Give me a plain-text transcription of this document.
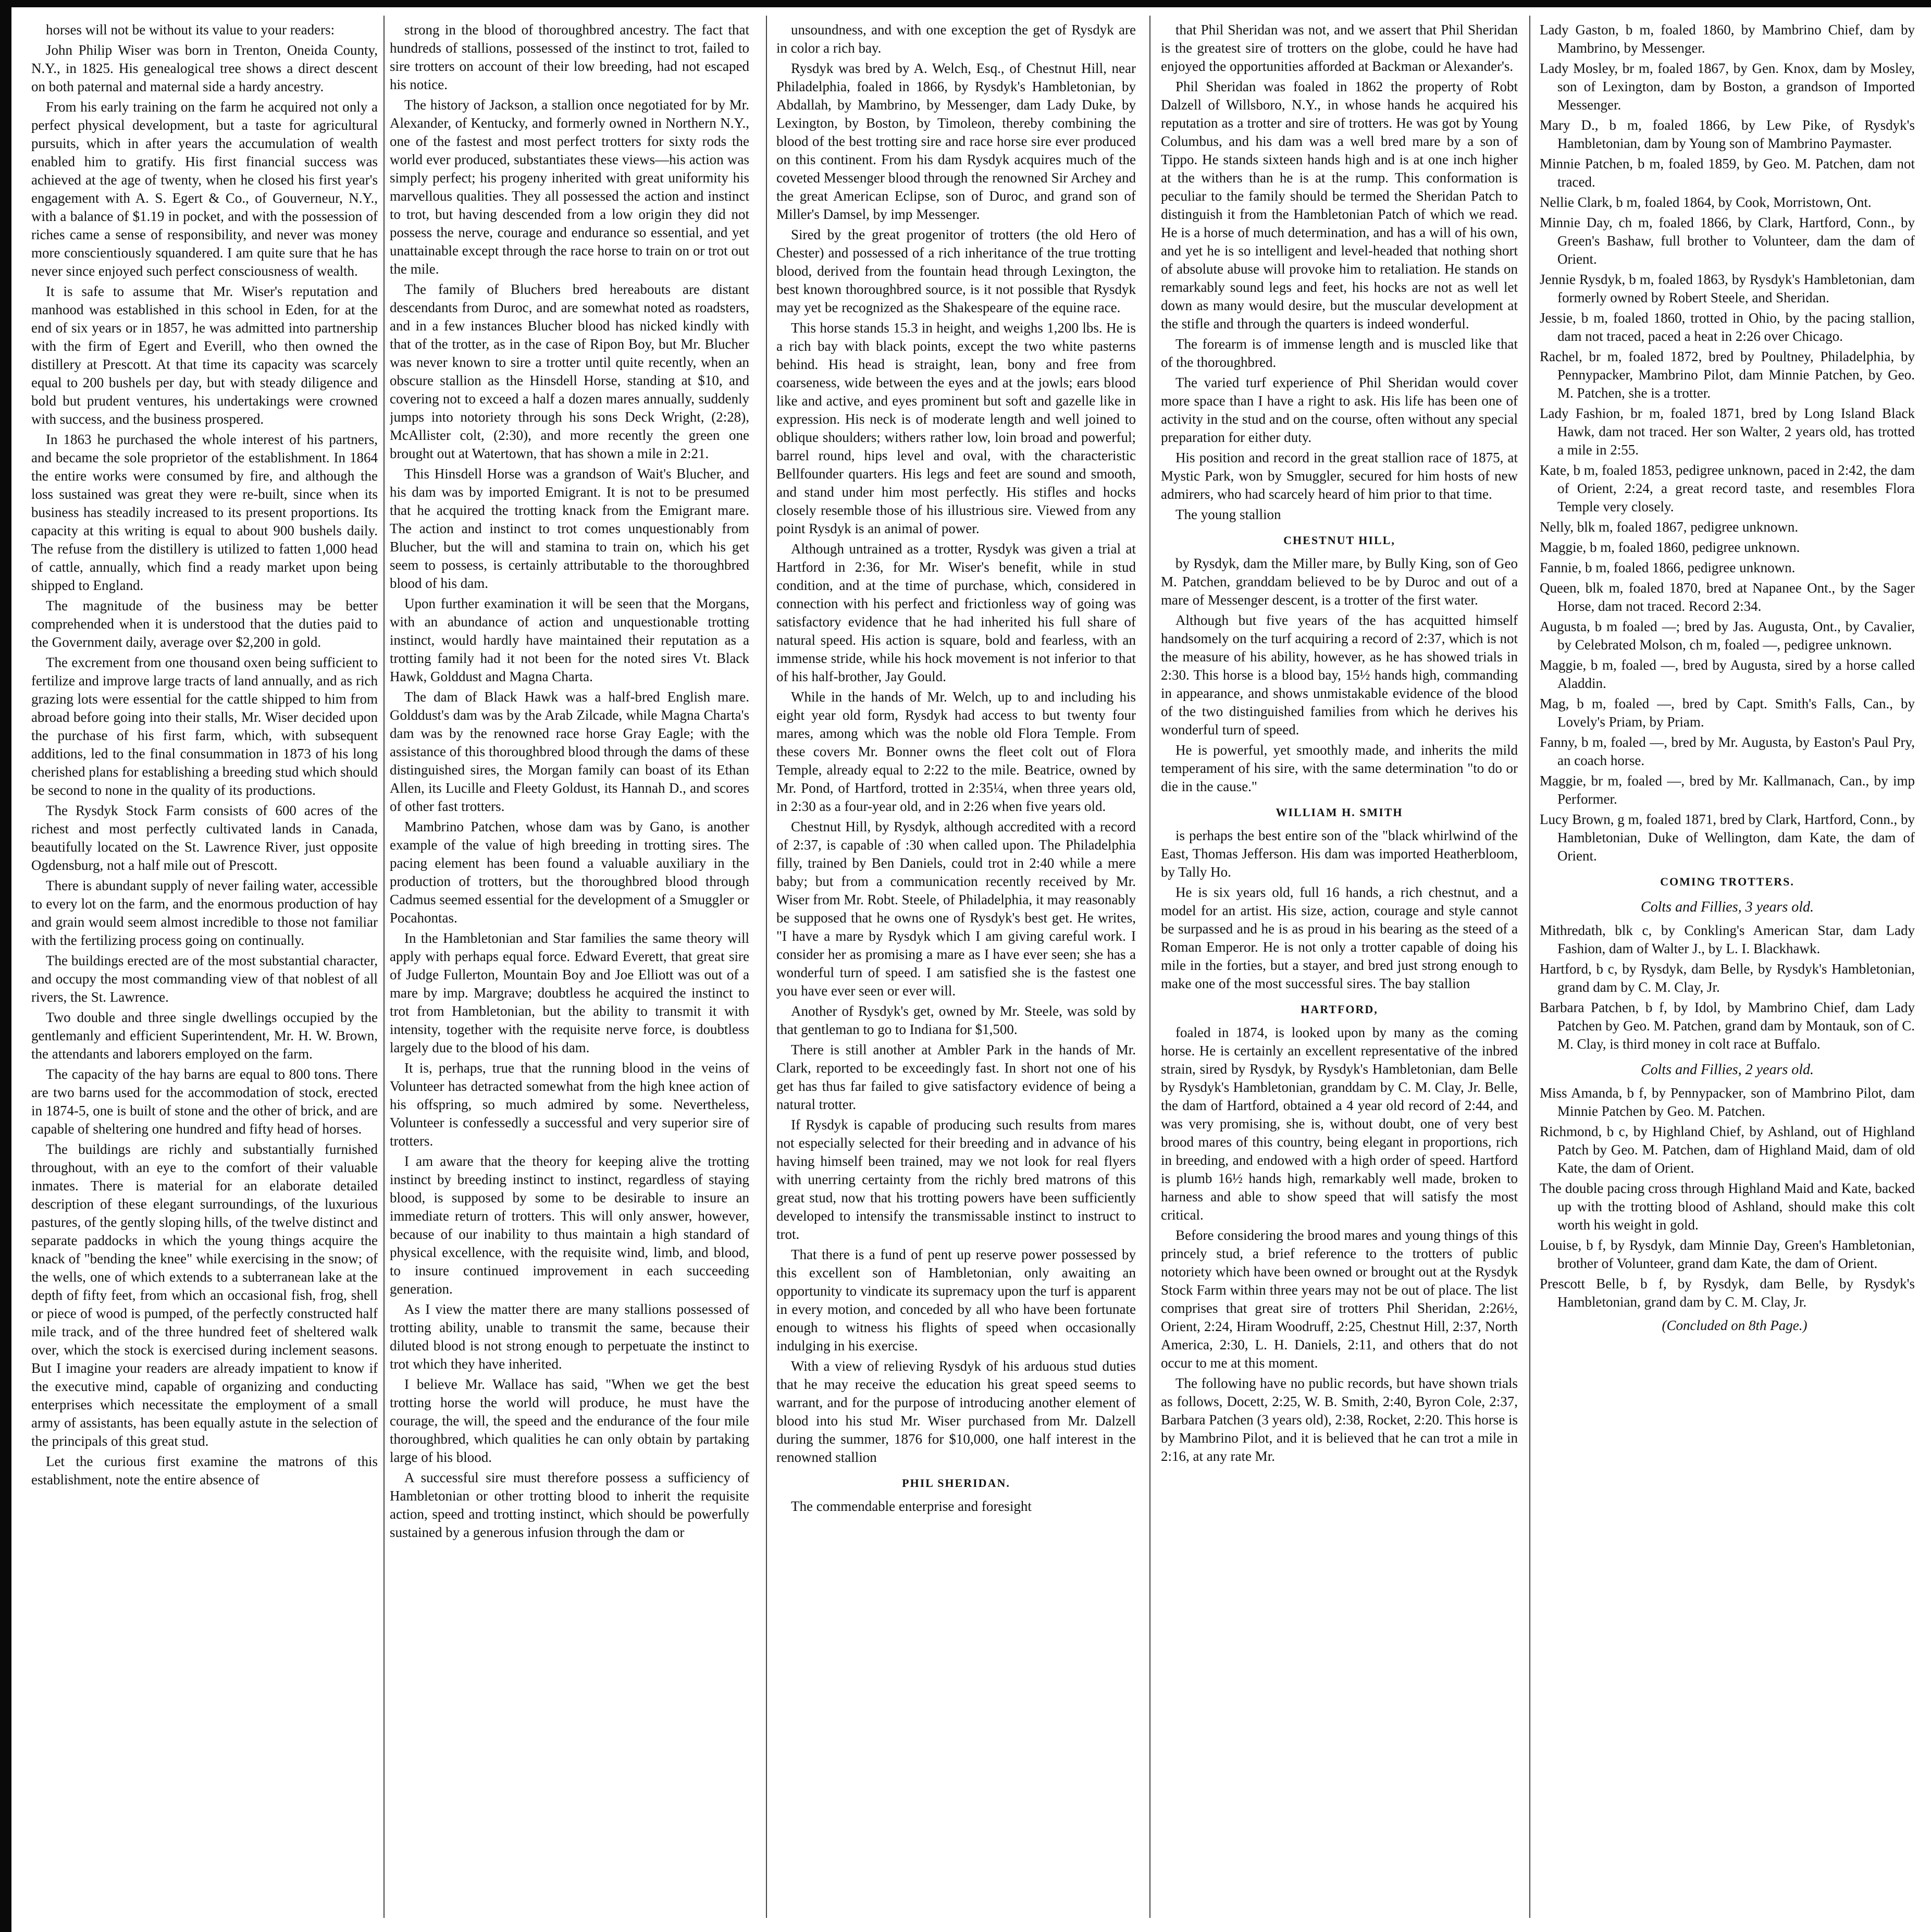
horses will not be without its value to your readers:

John Philip Wiser was born in Trenton, Oneida County, N.Y., in 1825. His genealogical tree shows a direct descent on both paternal and maternal side a hardy ancestry.

From his early training on the farm he acquired not only a perfect physical development, but a taste for agricultural pursuits, which in after years the accumulation of wealth enabled him to gratify. His first financial success was achieved at the age of twenty, when he closed his first year's engagement with A. S. Egert & Co., of Gouverneur, N.Y., with a balance of $1.19 in pocket, and with the possession of riches came a sense of responsibility, and never was money more conscientiously squandered. I am quite sure that he has never since enjoyed such perfect consciousness of wealth.

It is safe to assume that Mr. Wiser's reputation and manhood was established in this school in Eden, for at the end of six years or in 1857, he was admitted into partnership with the firm of Egert and Everill, who then owned the distillery at Prescott. At that time its capacity was scarcely equal to 200 bushels per day, but with steady diligence and bold but prudent ventures, his undertakings were crowned with success, and the business prospered.

In 1863 he purchased the whole interest of his partners, and became the sole proprietor of the establishment. In 1864 the entire works were consumed by fire, and although the loss sustained was great they were re-built, since when its business has steadily increased to its present proportions. Its capacity at this writing is equal to about 900 bushels daily. The refuse from the distillery is utilized to fatten 1,000 head of cattle, annually, which find a ready market upon being shipped to England.

The magnitude of the business may be better comprehended when it is understood that the duties paid to the Government daily, average over $2,200 in gold.

The excrement from one thousand oxen being sufficient to fertilize and improve large tracts of land annually, and as rich grazing lots were essential for the cattle shipped to him from abroad before going into their stalls, Mr. Wiser decided upon the purchase of his first farm, which, with subsequent additions, led to the final consummation in 1873 of his long cherished plans for establishing a breeding stud which should be second to none in the quality of its productions.

The Rysdyk Stock Farm consists of 600 acres of the richest and most perfectly cultivated lands in Canada, beautifully located on the St. Lawrence River, just opposite Ogdensburg, not a half mile out of Prescott.

There is abundant supply of never failing water, accessible to every lot on the farm, and the enormous production of hay and grain would seem almost incredible to those not familiar with the fertilizing process going on continually.

The buildings erected are of the most substantial character, and occupy the most commanding view of that noblest of all rivers, the St. Lawrence.

Two double and three single dwellings occupied by the gentlemanly and efficient Superintendent, Mr. H. W. Brown, the attendants and laborers employed on the farm.

The capacity of the hay barns are equal to 800 tons. There are two barns used for the accommodation of stock, erected in 1874-5, one is built of stone and the other of brick, and are capable of sheltering one hundred and fifty head of horses.

The buildings are richly and substantially furnished throughout, with an eye to the comfort of their valuable inmates. There is material for an elaborate detailed description of these elegant surroundings, of the luxurious pastures, of the gently sloping hills, of the twelve distinct and separate paddocks in which the young things acquire the knack of "bending the knee" while exercising in the snow; of the wells, one of which extends to a subterranean lake at the depth of fifty feet, from which an occasional fish, frog, shell or piece of wood is pumped, of the perfectly constructed half mile track, and of the three hundred feet of sheltered walk over, which the stock is exercised during inclement seasons. But I imagine your readers are already impatient to know if the executive mind, capable of organizing and conducting enterprises which necessitate the employment of a small army of assistants, has been equally astute in the selection of the principals of this great stud.

Let the curious first examine the matrons of this establishment, note the entire absence of

strong in the blood of thoroughbred ancestry. The fact that hundreds of stallions, possessed of the instinct to trot, failed to sire trotters on account of their low breeding, had not escaped his notice.

The history of Jackson, a stallion once negotiated for by Mr. Alexander, of Kentucky, and formerly owned in Northern N.Y., one of the fastest and most perfect trotters for sixty rods the world ever produced, substantiates these views—his action was simply perfect; his progeny inherited with great uniformity his marvellous qualities. They all possessed the action and instinct to trot, but having descended from a low origin they did not possess the nerve, courage and endurance so essential, and yet unattainable except through the race horse to train on or trot out the mile.

The family of Bluchers bred hereabouts are distant descendants from Duroc, and are somewhat noted as roadsters, and in a few instances Blucher blood has nicked kindly with that of the trotter, as in the case of Ripon Boy, but Mr. Blucher was never known to sire a trotter until quite recently, when an obscure stallion as the Hinsdell Horse, standing at $10, and covering not to exceed a half a dozen mares annually, suddenly jumps into notoriety through his sons Deck Wright, (2:28), McAllister colt, (2:30), and more recently the green one brought out at Watertown, that has shown a mile in 2:21.

This Hinsdell Horse was a grandson of Wait's Blucher, and his dam was by imported Emigrant. It is not to be presumed that he acquired the trotting knack from the Emigrant mare. The action and instinct to trot comes unquestionably from Blucher, but the will and stamina to train on, which his get seem to possess, is certainly attributable to the thoroughbred blood of his dam.

Upon further examination it will be seen that the Morgans, with an abundance of action and unquestionable trotting instinct, would hardly have maintained their reputation as a trotting family had it not been for the noted sires Vt. Black Hawk, Golddust and Magna Charta.

The dam of Black Hawk was a half-bred English mare. Golddust's dam was by the Arab Zilcade, while Magna Charta's dam was by the renowned race horse Gray Eagle; with the assistance of this thoroughbred blood through the dams of these distinguished sires, the Morgan family can boast of its Ethan Allen, its Lucille and Fleety Goldust, its Hannah D., and scores of other fast trotters.

Mambrino Patchen, whose dam was by Gano, is another example of the value of high breeding in trotting sires. The pacing element has been found a valuable auxiliary in the production of trotters, but the thoroughbred blood through Cadmus seemed essential for the development of a Smuggler or Pocahontas.

In the Hambletonian and Star families the same theory will apply with perhaps equal force. Edward Everett, that great sire of Judge Fullerton, Mountain Boy and Joe Elliott was out of a mare by imp. Margrave; doubtless he acquired the instinct to trot from Hambletonian, but the ability to transmit it with intensity, together with the requisite nerve force, is doubtless largely due to the blood of his dam.

It is, perhaps, true that the running blood in the veins of Volunteer has detracted somewhat from the high knee action of his offspring, so much admired by some. Nevertheless, Volunteer is confessedly a successful and very superior sire of trotters.

I am aware that the theory for keeping alive the trotting instinct by breeding instinct to instinct, regardless of staying blood, is supposed by some to be desirable to insure an immediate return of trotters. This will only answer, however, because of our inability to thus maintain a high standard of physical excellence, with the requisite wind, limb, and blood, to insure continued improvement in each succeeding generation.

As I view the matter there are many stallions possessed of trotting ability, unable to transmit the same, because their diluted blood is not strong enough to perpetuate the instinct to trot which they have inherited.

I believe Mr. Wallace has said, "When we get the best trotting horse the world will produce, he must have the courage, the will, the speed and the endurance of the four mile thoroughbred, which qualities he can only obtain by partaking large of his blood.

A successful sire must therefore possess a sufficiency of Hambletonian or other trotting blood to inherit the requisite action, speed and trotting instinct, which should be powerfully sustained by a generous infusion through the dam or

unsoundness, and with one exception the get of Rysdyk are in color a rich bay.

Rysdyk was bred by A. Welch, Esq., of Chestnut Hill, near Philadelphia, foaled in 1866, by Rysdyk's Hambletonian, by Abdallah, by Mambrino, by Messenger, dam Lady Duke, by Lexington, by Boston, by Timoleon, thereby combining the blood of the best trotting sire and race horse sire ever produced on this continent. From his dam Rysdyk acquires much of the coveted Messenger blood through the renowned Sir Archey and the great American Eclipse, son of Duroc, and grand son of Miller's Damsel, by imp Messenger.

Sired by the great progenitor of trotters (the old Hero of Chester) and possessed of a rich inheritance of the true trotting blood, derived from the fountain head through Lexington, the best known thoroughbred source, is it not possible that Rysdyk may yet be recognized as the Shakespeare of the equine race.

This horse stands 15.3 in height, and weighs 1,200 lbs. He is a rich bay with black points, except the two white pasterns behind. His head is straight, lean, bony and free from coarseness, wide between the eyes and at the jowls; ears blood like and active, and eyes prominent but soft and gazelle like in expression. His neck is of moderate length and well joined to oblique shoulders; withers rather low, loin broad and powerful; barrel round, hips level and oval, with the characteristic Bellfounder quarters. His legs and feet are sound and smooth, and stand under him most perfectly. His stifles and hocks closely resemble those of his illustrious sire. Viewed from any point Rysdyk is an animal of power.

Although untrained as a trotter, Rysdyk was given a trial at Hartford in 2:36, for Mr. Wiser's benefit, while in stud condition, and at the time of purchase, which, considered in connection with his perfect and frictionless way of going was satisfactory evidence that he had inherited his full share of natural speed. His action is square, bold and fearless, with an immense stride, while his hock movement is not inferior to that of his half-brother, Jay Gould.

While in the hands of Mr. Welch, up to and including his eight year old form, Rysdyk had access to but twenty four mares, among which was the noble old Flora Temple. From these covers Mr. Bonner owns the fleet colt out of Flora Temple, already equal to 2:22 to the mile. Beatrice, owned by Mr. Pond, of Hartford, trotted in 2:35¼, when three years old, in 2:30 as a four-year old, and in 2:26 when five years old.

Chestnut Hill, by Rysdyk, although accredited with a record of 2:37, is capable of :30 when called upon. The Philadelphia filly, trained by Ben Daniels, could trot in 2:40 while a mere baby; but from a communication recently received by Mr. Wiser from Mr. Robt. Steele, of Philadelphia, it may reasonably be supposed that he owns one of Rysdyk's best get. He writes, "I have a mare by Rysdyk which I am giving careful work. I consider her as promising a mare as I have ever seen; she has a wonderful turn of speed. I am satisfied she is the fastest one you have ever seen or ever will.

Another of Rysdyk's get, owned by Mr. Steele, was sold by that gentleman to go to Indiana for $1,500.

There is still another at Ambler Park in the hands of Mr. Clark, reported to be exceedingly fast. In short not one of his get has thus far failed to give satisfactory evidence of being a natural trotter.

If Rysdyk is capable of producing such results from mares not especially selected for their breeding and in advance of his having himself been trained, may we not look for real flyers with unerring certainty from the richly bred matrons of this great stud, now that his trotting powers have been sufficiently developed to intensify the transmissable instinct to instruct to trot.

That there is a fund of pent up reserve power possessed by this excellent son of Hambletonian, only awaiting an opportunity to vindicate its supremacy upon the turf is apparent in every motion, and conceded by all who have been fortunate enough to witness his flights of speed when occasionally indulging in his exercise.

With a view of relieving Rysdyk of his arduous stud duties that he may receive the education his great speed seems to warrant, and for the purpose of introducing another element of blood into his stud Mr. Wiser purchased from Mr. Dalzell during the summer, 1876 for $10,000, one half interest in the renowned stallion

PHIL SHERIDAN.

The commendable enterprise and foresight

that Phil Sheridan was not, and we assert that Phil Sheridan is the greatest sire of trotters on the globe, could he have had enjoyed the opportunities afforded at Backman or Alexander's.

Phil Sheridan was foaled in 1862 the property of Robt Dalzell of Willsboro, N.Y., in whose hands he acquired his reputation as a trotter and sire of trotters. He was got by Young Columbus, and his dam was a well bred mare by a son of Tippo. He stands sixteen hands high and is at one inch higher at the withers than he is at the rump. This conformation is peculiar to the family should be termed the Sheridan Patch to distinguish it from the Hambletonian Patch of which we read. He is a horse of much determination, and has a will of his own, and yet he is so intelligent and level-headed that nothing short of absolute abuse will provoke him to retaliation. He stands on remarkably sound legs and feet, his hocks are not as well let down as many would desire, but the muscular development at the stifle and through the quarters is indeed wonderful.

The forearm is of immense length and is muscled like that of the thoroughbred.

The varied turf experience of Phil Sheridan would cover more space than I have a right to ask. His life has been one of activity in the stud and on the course, often without any special preparation for either duty.

His position and record in the great stallion race of 1875, at Mystic Park, won by Smuggler, secured for him hosts of new admirers, who had scarcely heard of him prior to that time.

The young stallion

CHESTNUT HILL,

by Rysdyk, dam the Miller mare, by Bully King, son of Geo M. Patchen, granddam believed to be by Duroc and out of a mare of Messenger descent, is a trotter of the first water.

Although but five years of the has acquitted himself handsomely on the turf acquiring a record of 2:37, which is not the measure of his ability, however, as he has showed trials in 2:30. This horse is a blood bay, 15½ hands high, commanding in appearance, and shows unmistakable evidence of the blood of the two distinguished families from which he derives his wonderful turn of speed.

He is powerful, yet smoothly made, and inherits the mild temperament of his sire, with the same determination "to do or die in the cause."

WILLIAM H. SMITH

is perhaps the best entire son of the "black whirlwind of the East, Thomas Jefferson. His dam was imported Heatherbloom, by Tally Ho.

He is six years old, full 16 hands, a rich chestnut, and a model for an artist. His size, action, courage and style cannot be surpassed and he is as proud in his bearing as the steed of a Roman Emperor. He is not only a trotter capable of doing his mile in the forties, but a stayer, and bred just strong enough to make one of the most successful sires. The bay stallion

HARTFORD,

foaled in 1874, is looked upon by many as the coming horse. He is certainly an excellent representative of the inbred strain, sired by Rysdyk, by Rysdyk's Hambletonian, dam Belle by Rysdyk's Hambletonian, granddam by C. M. Clay, Jr. Belle, the dam of Hartford, obtained a 4 year old record of 2:44, and was very promising, she is, without doubt, one of very best brood mares of this country, being elegant in proportions, rich in breeding, and endowed with a high order of speed. Hartford is plumb 16½ hands high, remarkably well made, broken to harness and able to show speed that will satisfy the most critical.

Before considering the brood mares and young things of this princely stud, a brief reference to the trotters of public notoriety which have been owned or brought out at the Rysdyk Stock Farm within three years may not be out of place. The list comprises that great sire of trotters Phil Sheridan, 2:26½, Orient, 2:24, Hiram Woodruff, 2:25, Chestnut Hill, 2:37, North America, 2:30, L. H. Daniels, 2:11, and others that do not occur to me at this moment.

The following have no public records, but have shown trials as follows, Docett, 2:25, W. B. Smith, 2:40, Byron Cole, 2:37, Barbara Patchen (3 years old), 2:38, Rocket, 2:20. This horse is by Mambrino Pilot, and it is believed that he can trot a mile in 2:16, at any rate Mr.

Lady Gaston, b m, foaled 1860, by Mambrino Chief, dam by Mambrino, by Messenger.

Lady Mosley, br m, foaled 1867, by Gen. Knox, dam by Mosley, son of Lexington, dam by Boston, a grandson of Imported Messenger.

Mary D., b m, foaled 1866, by Lew Pike, of Rysdyk's Hambletonian, dam by Young son of Mambrino Paymaster.

Minnie Patchen, b m, foaled 1859, by Geo. M. Patchen, dam not traced.

Nellie Clark, b m, foaled 1864, by Cook, Morristown, Ont.

Minnie Day, ch m, foaled 1866, by Clark, Hartford, Conn., by Green's Bashaw, full brother to Volunteer, dam the dam of Orient.

Jennie Rysdyk, b m, foaled 1863, by Rysdyk's Hambletonian, dam formerly owned by Robert Steele, and Sheridan.

Jessie, b m, foaled 1860, trotted in Ohio, by the pacing stallion, dam not traced, paced a heat in 2:26 over Chicago.

Rachel, br m, foaled 1872, bred by Poultney, Philadelphia, by Pennypacker, Mambrino Pilot, dam Minnie Patchen, by Geo. M. Patchen, she is a trotter.

Lady Fashion, br m, foaled 1871, bred by Long Island Black Hawk, dam not traced. Her son Walter, 2 years old, has trotted a mile in 2:55.

Kate, b m, foaled 1853, pedigree unknown, paced in 2:42, the dam of Orient, 2:24, a great record taste, and resembles Flora Temple very closely.

Nelly, blk m, foaled 1867, pedigree unknown.

Maggie, b m, foaled 1860, pedigree unknown.

Fannie, b m, foaled 1866, pedigree unknown.

Queen, blk m, foaled 1870, bred at Napanee Ont., by the Sager Horse, dam not traced. Record 2:34.

Augusta, b m foaled —; bred by Jas. Augusta, Ont., by Cavalier, by Celebrated Molson, ch m, foaled —, pedigree unknown.

Maggie, b m, foaled —, bred by Augusta, sired by a horse called Aladdin.

Mag, b m, foaled —, bred by Capt. Smith's Falls, Can., by Lovely's Priam, by Priam.

Fanny, b m, foaled —, bred by Mr. Augusta, by Easton's Paul Pry, an coach horse.

Maggie, br m, foaled —, bred by Mr. Kallmanach, Can., by imp Performer.

Lucy Brown, g m, foaled 1871, bred by Clark, Hartford, Conn., by Hambletonian, Duke of Wellington, dam Kate, the dam of Orient.

COMING TROTTERS.
Colts and Fillies, 3 years old.

Mithredath, blk c, by Conkling's American Star, dam Lady Fashion, dam of Walter J., by L. I. Blackhawk.

Hartford, b c, by Rysdyk, dam Belle, by Rysdyk's Hambletonian, grand dam by C. M. Clay, Jr.

Barbara Patchen, b f, by Idol, by Mambrino Chief, dam Lady Patchen by Geo. M. Patchen, grand dam by Montauk, son of C. M. Clay, is third money in colt race at Buffalo.

Colts and Fillies, 2 years old.

Miss Amanda, b f, by Pennypacker, son of Mambrino Pilot, dam Minnie Patchen by Geo. M. Patchen.

Richmond, b c, by Highland Chief, by Ashland, out of Highland Patch by Geo. M. Patchen, dam of Highland Maid, dam of old Kate, the dam of Orient.

The double pacing cross through Highland Maid and Kate, backed up with the trotting blood of Ashland, should make this colt worth his weight in gold.

Louise, b f, by Rysdyk, dam Minnie Day, Green's Hambletonian, brother of Volunteer, grand dam Kate, the dam of Orient.

Prescott Belle, b f, by Rysdyk, dam Belle, by Rysdyk's Hambletonian, grand dam by C. M. Clay, Jr.

(Concluded on 8th Page.)
